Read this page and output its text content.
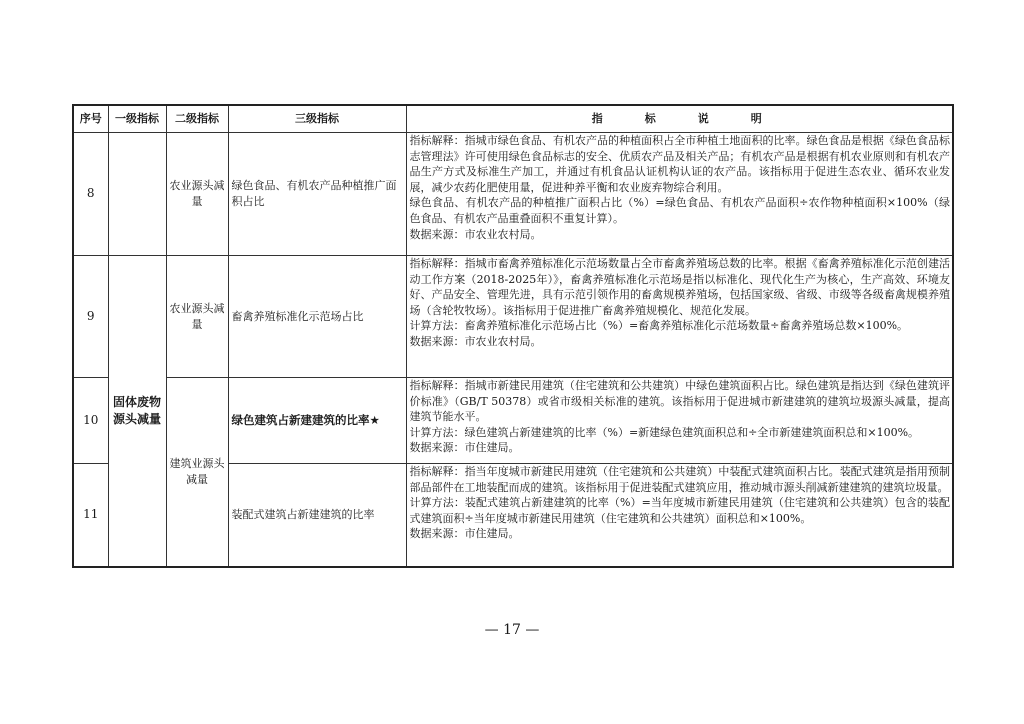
序号	一级指标	二级指标	三级指标	指标说明
8		农业源头减量	绿色食品、有机农产品种植推广面积占比	指标解释：指城市绿色食品、有机农产品的种植面积占全市种植土地面积的比率。绿色食品是根据《绿色食品标志管理法》许可使用绿色食品标志的安全、优质农产品及相关产品；有机农产品是根据有机农业原则和有机农产品生产方式及标准生产加工，并通过有机食品认证机构认证的农产品。该指标用于促进生态农业、循环农业发展，减少农药化肥使用量，促进种养平衡和农业废弃物综合利用。

绿色食品、有机农产品的种植推广面积占比（%）=绿色食品、有机农产品面积÷农作物种植面积×100%（绿色食品、有机农产品重叠面积不重复计算）。

数据来源：市农业农村局。

9	固体废物源头减量	农业源头减量	畜禽养殖标准化示范场占比	指标解释：指城市畜禽养殖标准化示范场数量占全市畜禽养殖场总数的比率。根据《畜禽养殖标准化示范创建活动工作方案（2018-2025年）》，畜禽养殖标准化示范场是指以标准化、现代化生产为核心，生产高效、环境友好、产品安全、管理先进，具有示范引领作用的畜禽规模养殖场，包括国家级、省级、市级等各级畜禽规模养殖场（含轮牧牧场）。该指标用于促进推广畜禽养殖规模化、规范化发展。

计算方法：畜禽养殖标准化示范场占比（%）=畜禽养殖标准化示范场数量÷畜禽养殖场总数×100%。

数据来源：市农业农村局。

10		建筑业源头减量	绿色建筑占新建建筑的比率★	指标解释：指城市新建民用建筑（住宅建筑和公共建筑）中绿色建筑面积占比。绿色建筑是指达到《绿色建筑评价标准》（GB/T 50378）或省市级相关标准的建筑。该指标用于促进城市新建建筑的建筑垃圾源头减量，提高建筑节能水平。

计算方法：绿色建筑占新建建筑的比率（%）=新建绿色建筑面积总和÷全市新建建筑面积总和×100%。

数据来源：市住建局。

11			装配式建筑占新建建筑的比率	指标解释：指当年度城市新建民用建筑（住宅建筑和公共建筑）中装配式建筑面积占比。装配式建筑是指用预制部品部件在工地装配而成的建筑。该指标用于促进装配式建筑应用，推动城市源头削减新建建筑的建筑垃圾量。

计算方法：装配式建筑占新建建筑的比率（%）=当年度城市新建民用建筑（住宅建筑和公共建筑）包含的装配式建筑面积÷当年度城市新建民用建筑（住宅建筑和公共建筑）面积总和×100%。

数据来源：市住建局。

— 17 —
